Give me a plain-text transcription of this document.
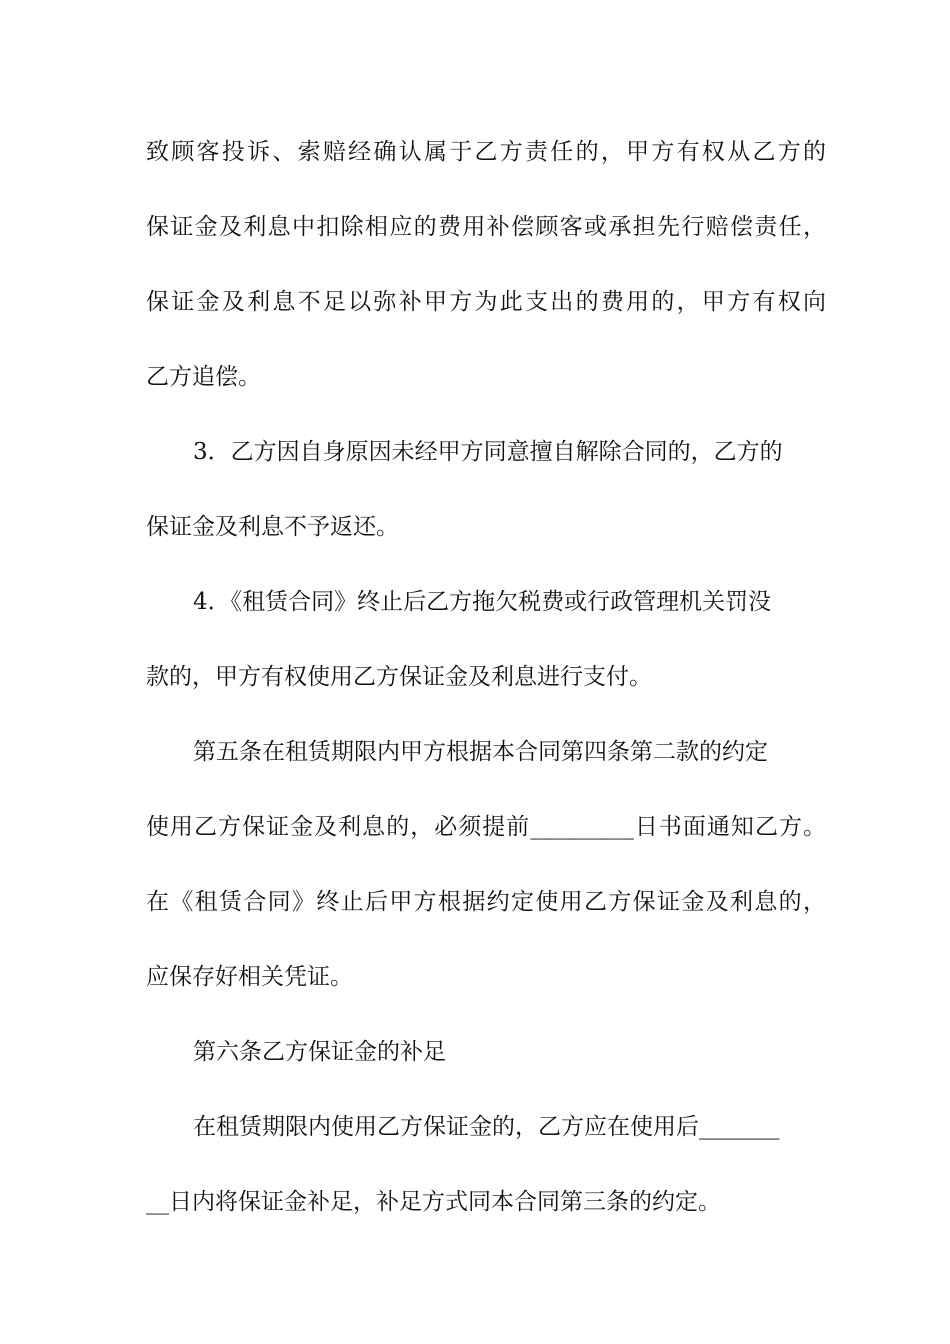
致顾客投诉、索赔经确认属于乙方责任的，甲方有权从乙方的
保证金及利息中扣除相应的费用补偿顾客或承担先行赔偿责任，
保证金及利息不足以弥补甲方为此支出的费用的，甲方有权向
乙方追偿。
3．乙方因自身原因未经甲方同意擅自解除合同的，乙方的
保证金及利息不予返还。
4．《租赁合同》终止后乙方拖欠税费或行政管理机关罚没
款的，甲方有权使用乙方保证金及利息进行支付。
第五条在租赁期限内甲方根据本合同第四条第二款的约定
使用乙方保证金及利息的，必须提前_________日书面通知乙方。
在《租赁合同》终止后甲方根据约定使用乙方保证金及利息的，
应保存好相关凭证。
第六条乙方保证金的补足
在租赁期限内使用乙方保证金的，乙方应在使用后_______
__日内将保证金补足，补足方式同本合同第三条的约定。
